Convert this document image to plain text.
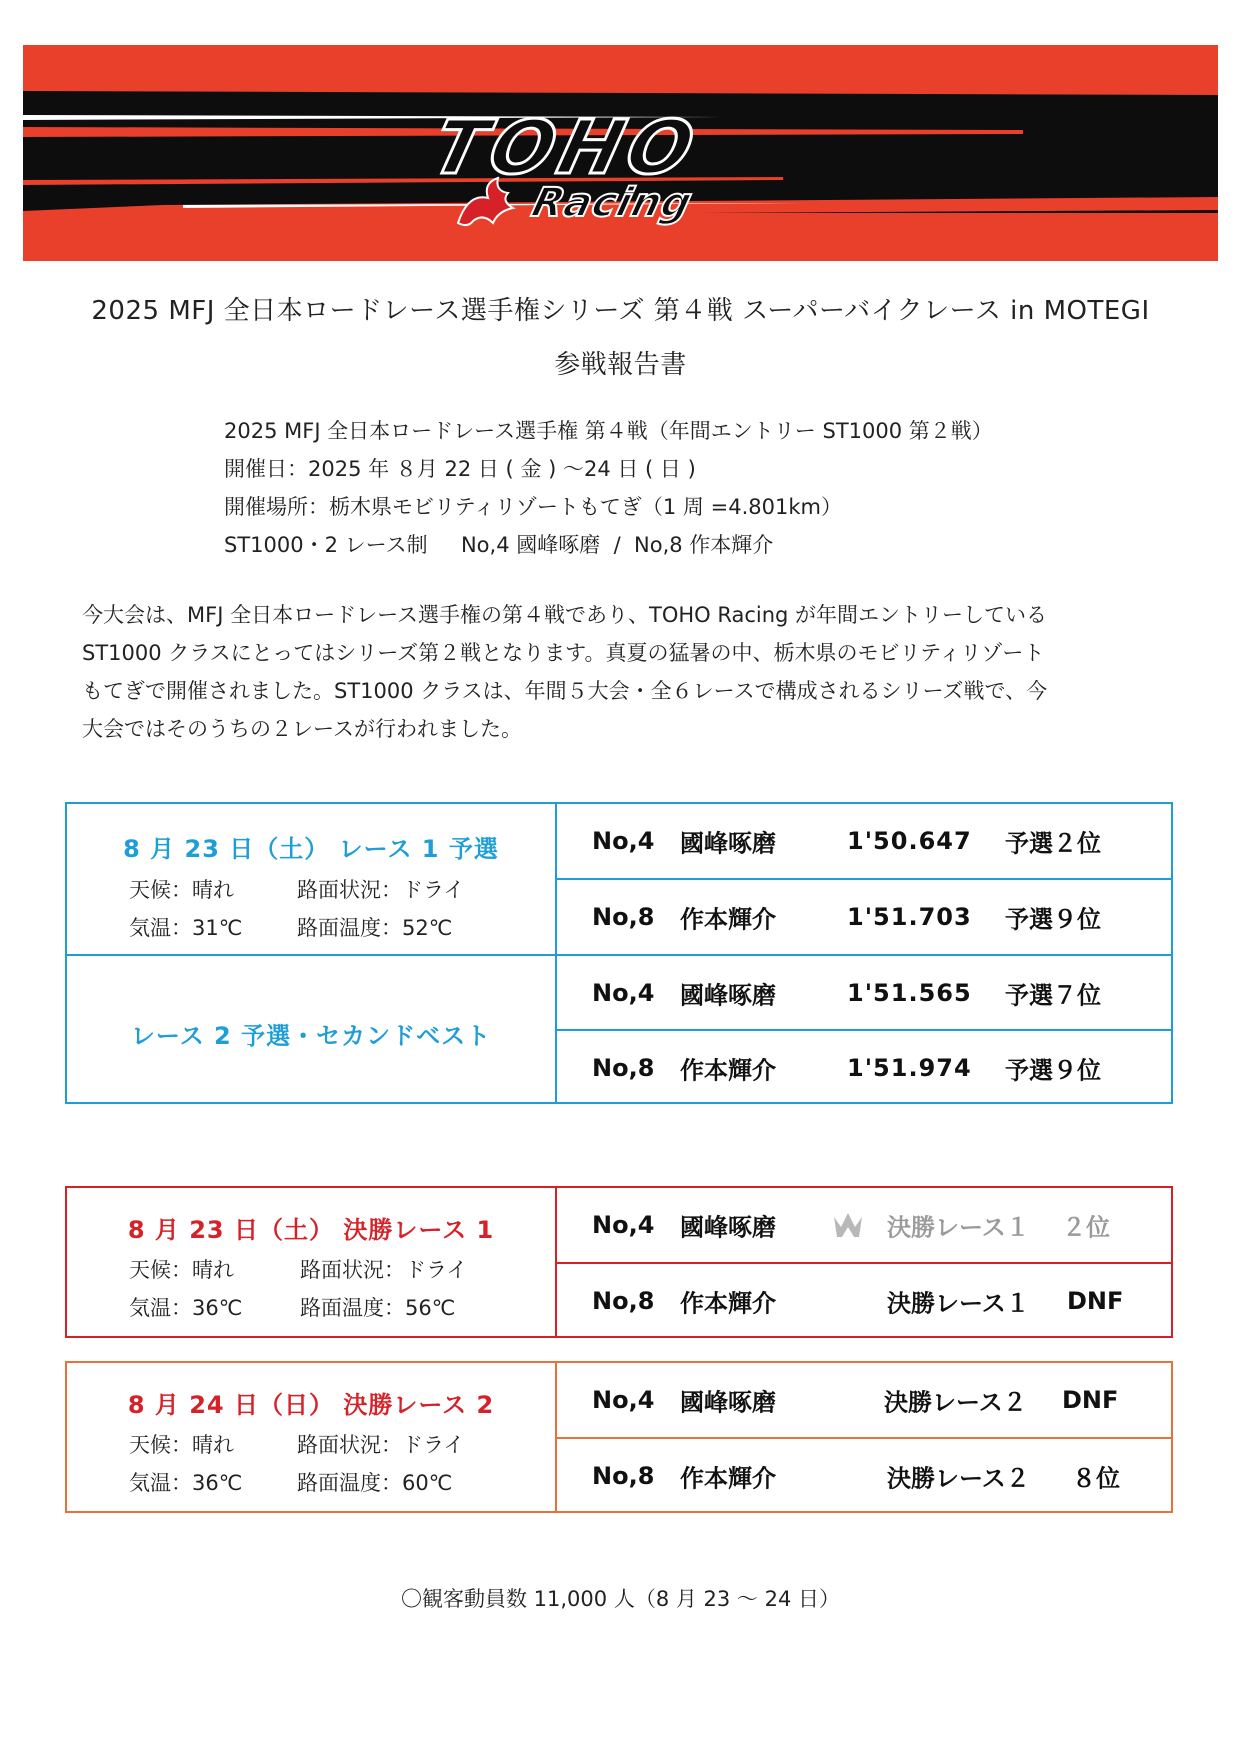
TOHO
Racing
2025 MFJ 全日本ロードレース選手権シリーズ 第４戦 スーパーバイクレース in MOTEGI
参戦報告書
2025 MFJ 全日本ロードレース選手権 第４戦（年間エントリー ST1000 第２戦）
開催日：2025 年 ８月 22 日 ( 金 ) ～24 日 ( 日 )
開催場所：栃木県モビリティリゾートもてぎ（1 周 =4.801km）
ST1000・2 レース制     No,4 國峰啄磨  /  No,8 作本輝介

今大会は、MFJ 全日本ロードレース選手権の第４戦であり、TOHO Racing が年間エントリーしている

ST1000 クラスにとってはシリーズ第２戦となります。真夏の猛暑の中、栃木県のモビリティリゾート

もてぎで開催されました。ST1000 クラスは、年間５大会・全６レースで構成されるシリーズ戦で、今

大会ではそのうちの２レースが行われました。

8 月 23 日（土） レース 1 予選
天候：晴れ	路面状況：ドライ
気温：31℃	路面温度：52℃
レース 2 予選・セカンドベスト
No,4 國峰啄磨	1'50.647 予選２位
No,8 作本輝介	1'51.703 予選９位
No,4 國峰啄磨	1'51.565 予選７位
No,8 作本輝介	1'51.974 予選９位
8 月 23 日（土） 決勝レース 1
天候：晴れ	路面状況：ドライ
気温：36℃	路面温度：56℃
No,4 國峰啄磨	決勝レース１ ２位
No,8 作本輝介	決勝レース１ DNF
8 月 24 日（日） 決勝レース 2
天候：晴れ	路面状況：ドライ
気温：36℃	路面温度：60℃
No,4 國峰啄磨	決勝レース２ DNF
No,8 作本輝介	決勝レース２ ８位
〇観客動員数 11,000 人（8 月 23 ～ 24 日）
